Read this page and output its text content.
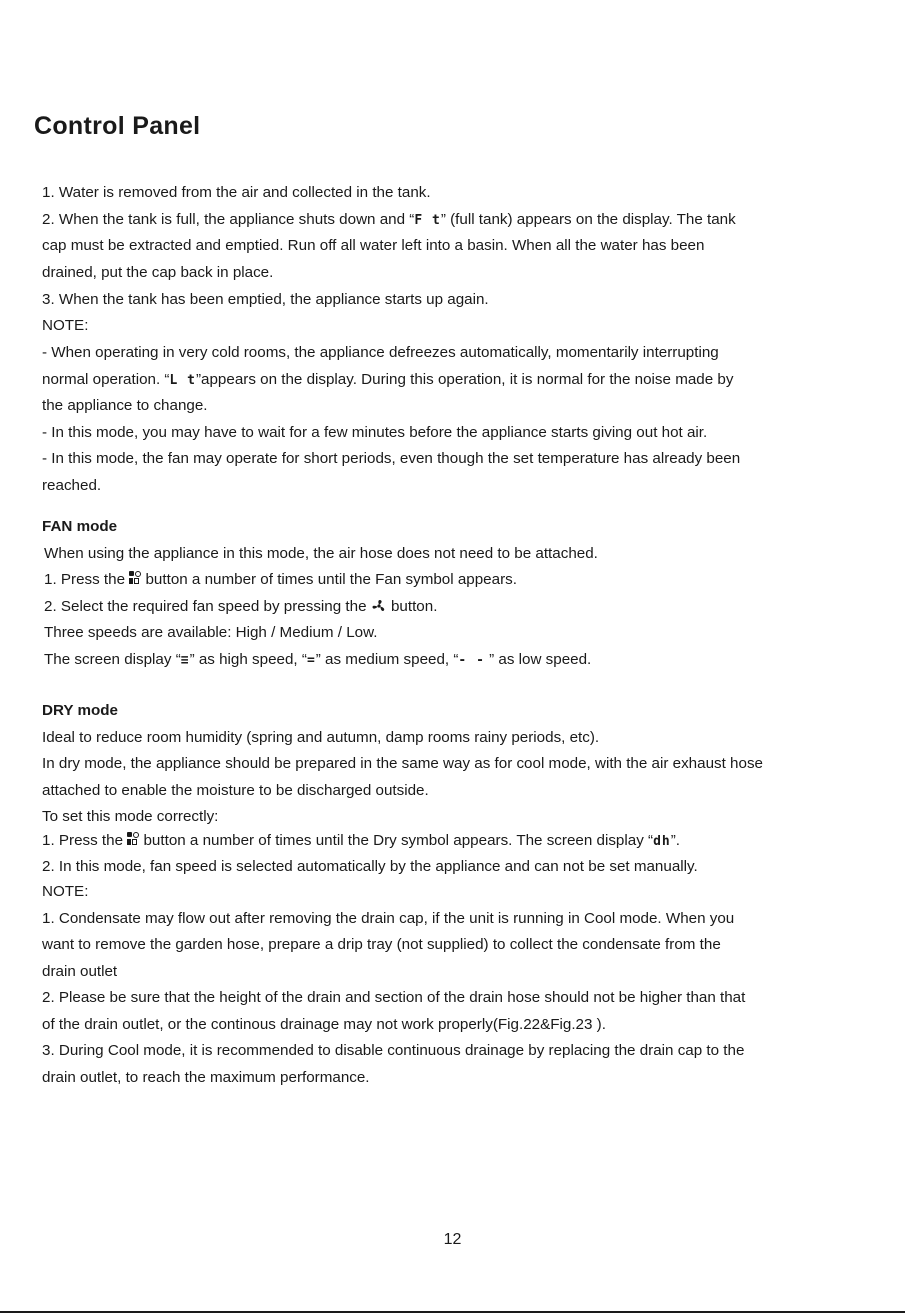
Control Panel
1. Water is removed from the air and collected in the tank.
2. When the tank is full, the appliance shuts down and “F t” (full tank) appears on the display. The tank
cap must be extracted and emptied. Run off all water left into a basin. When all the water has been
drained, put the cap back in place.
3. When the tank has been emptied, the appliance starts up again.
NOTE:
- When operating in very cold rooms, the appliance defreezes automatically, momentarily interrupting
normal operation. “L t”appears on the display. During this operation, it is normal for the noise made by
the appliance to change.
- In this mode, you may have to wait for a few minutes before the appliance starts giving out hot air.
- In this mode, the fan may operate for short periods, even though the set temperature has already been
reached.
FAN mode
When using the appliance in this mode, the air hose does not need to be attached.
1. Press the
button a number of times until the Fan symbol appears.
2. Select the required fan speed by pressing the  button.
Three speeds are available: High / Medium / Low.
The screen display “≡” as high speed, “=” as medium speed, “- - ” as low speed.
DRY mode
Ideal to reduce room humidity (spring and autumn, damp rooms rainy periods, etc).
In dry mode, the appliance should be prepared in the same way as for cool mode, with the air exhaust hose
attached to enable the moisture to be discharged outside.
To set this mode correctly:
1. Press the
button a number of times until the Dry symbol appears. The screen display “dh”.
2. In this mode, fan speed is selected automatically by the appliance and can not be set manually.
NOTE:
1. Condensate may flow out after removing the drain cap, if the unit is running in Cool mode. When you
want to remove the garden hose, prepare a drip tray (not supplied) to collect the condensate from the
drain outlet
2. Please be sure that the height of the drain and section of the drain hose should not be higher than that
of the drain outlet, or the continous drainage may not work properly(Fig.22&Fig.23 ).
3. During Cool mode, it is recommended to disable continuous drainage by replacing the drain cap to the
drain outlet, to reach the maximum performance.
12
